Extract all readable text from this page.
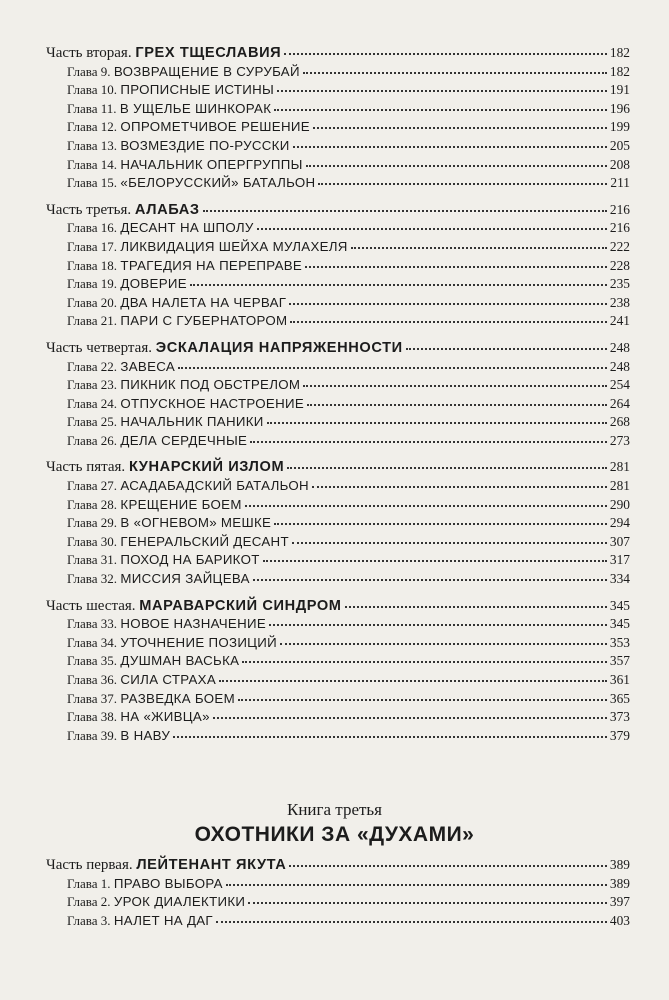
Часть вторая. ГРЕХ ТЩЕСЛАВИЯ	182
Глава 9. ВОЗВРАЩЕНИЕ В СУРУБАЙ	182
Глава 10. ПРОПИСНЫЕ ИСТИНЫ	191
Глава 11. В УЩЕЛЬЕ ШИНКОРАК	196
Глава 12. ОПРОМЕТЧИВОЕ РЕШЕНИЕ	199
Глава 13. ВОЗМЕЗДИЕ ПО-РУССКИ	205
Глава 14. НАЧАЛЬНИК ОПЕРГРУППЫ	208
Глава 15. «БЕЛОРУССКИЙ» БАТАЛЬОН	211
Часть третья. АЛАБАЗ	216
Глава 16. ДЕСАНТ НА ШПОЛУ	216
Глава 17. ЛИКВИДАЦИЯ ШЕЙХА МУЛАХЕЛЯ	222
Глава 18. ТРАГЕДИЯ НА ПЕРЕПРАВЕ	228
Глава 19. ДОВЕРИЕ	235
Глава 20. ДВА НАЛЕТА НА ЧЕРВАГ	238
Глава 21. ПАРИ С ГУБЕРНАТОРОМ	241
Часть четвертая. ЭСКАЛАЦИЯ НАПРЯЖЕННОСТИ	248
Глава 22. ЗАВЕСА	248
Глава 23. ПИКНИК ПОД ОБСТРЕЛОМ	254
Глава 24. ОТПУСКНОЕ НАСТРОЕНИЕ	264
Глава 25. НАЧАЛЬНИК ПАНИКИ	268
Глава 26. ДЕЛА СЕРДЕЧНЫЕ	273
Часть пятая. КУНАРСКИЙ ИЗЛОМ	281
Глава 27. АСАДАБАДСКИЙ БАТАЛЬОН	281
Глава 28. КРЕЩЕНИЕ БОЕМ	290
Глава 29. В «ОГНЕВОМ» МЕШКЕ	294
Глава 30. ГЕНЕРАЛЬСКИЙ ДЕСАНТ	307
Глава 31. ПОХОД НА БАРИКОТ	317
Глава 32. МИССИЯ ЗАЙЦЕВА	334
Часть шестая. МАРАВАРСКИЙ СИНДРОМ	345
Глава 33. НОВОЕ НАЗНАЧЕНИЕ	345
Глава 34. УТОЧНЕНИЕ ПОЗИЦИЙ	353
Глава 35. ДУШМАН ВАСЬКА	357
Глава 36. СИЛА СТРАХА	361
Глава 37. РАЗВЕДКА БОЕМ	365
Глава 38. НА «ЖИВЦА»	373
Глава 39. В НАВУ	379
Книга третья
ОХОТНИКИ ЗА «ДУХАМИ»
Часть первая. ЛЕЙТЕНАНТ ЯКУТА	389
Глава 1. ПРАВО ВЫБОРА	389
Глава 2. УРОК ДИАЛЕКТИКИ	397
Глава 3. НАЛЕТ НА ДАГ	403
